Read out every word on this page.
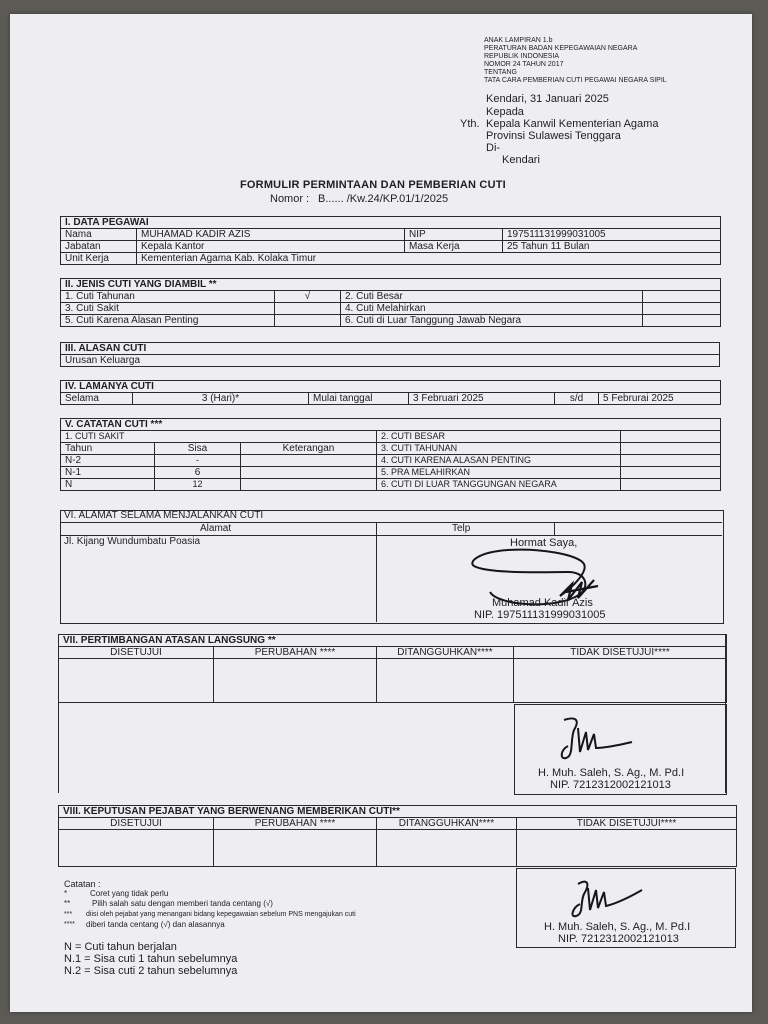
ANAK LAMPIRAN 1.b
PERATURAN BADAN KEPEGAWAIAN NEGARA
REPUBLIK INDONESIA
NOMOR 24 TAHUN 2017
TENTANG
TATA CARA PEMBERIAN CUTI PEGAWAI NEGARA SIPIL
Kendari, 31 Januari 2025
Kepada
Yth. Kepala Kanwil Kementerian Agama
Provinsi Sulawesi Tenggara
Di-
Kendari
FORMULIR PERMINTAAN DAN PEMBERIAN CUTI
Nomor : B...... /Kw.24/KP.01/1/2025
I. DATA PEGAWAI			
Nama	MUHAMAD KADIR AZIS	NIP	197511131999031005
Jabatan	Kepala Kantor	Masa Kerja	25 Tahun 11 Bulan
Unit Kerja	Kementerian Agama Kab. Kolaka Timur		
II. JENIS CUTI YANG DIAMBIL **			
1. Cuti Tahunan	√	2. Cuti Besar	
3. Cuti Sakit		4. Cuti Melahirkan	
5. Cuti Karena Alasan Penting		6. Cuti di Luar Tanggung Jawab Negara	
III. ALASAN CUTI
Urusan Keluarga
IV. LAMANYA CUTI
Selama	3 (Hari)*	Mulai tanggal	3 Februari 2025	s/d	5 Februrai 2025
V. CATATAN CUTI ***				
1. CUTI SAKIT			2. CUTI BESAR	
Tahun	Sisa	Keterangan	3. CUTI TAHUNAN	
N-2	-		4. CUTI KARENA ALASAN PENTING	
N-1	6		5. PRA MELAHIRKAN	
N	12		6. CUTI DI LUAR TANGGUNGAN NEGARA	
VI. ALAMAT SELAMA MENJALANKAN CUTI
Alamat	Telp
Jl. Kijang Wundumbatu Poasia	Hormat Saya,
Muhamad Kadir Azis
NIP. 197511131999031005
VII. PERTIMBANGAN ATASAN LANGSUNG **			
DISETUJUI	PERUBAHAN ****	DITANGGUHKAN****	TIDAK DISETUJUI****

H. Muh. Saleh, S. Ag., M. Pd.I
NIP. 7212312002121013
VIII. KEPUTUSAN PEJABAT YANG BERWENANG MEMBERIKAN CUTI**			
DISETUJUI	PERUBAHAN ****	DITANGGUHKAN****	TIDAK DISETUJUI****

H. Muh. Saleh, S. Ag., M. Pd.I
NIP. 7212312002121013
Catatan :
*	Coret yang tidak perlu
**	Pilih salah satu dengan memberi tanda centang (√)
*** diisi oleh pejabat yang menangani bidang kepegawaian sebelum PNS mengajukan cuti
**** diberi tanda centang (√) dan alasannya
N = Cuti tahun berjalan
N.1 = Sisa cuti 1 tahun sebelumnya
N.2 = Sisa cuti 2 tahun sebelumnya
